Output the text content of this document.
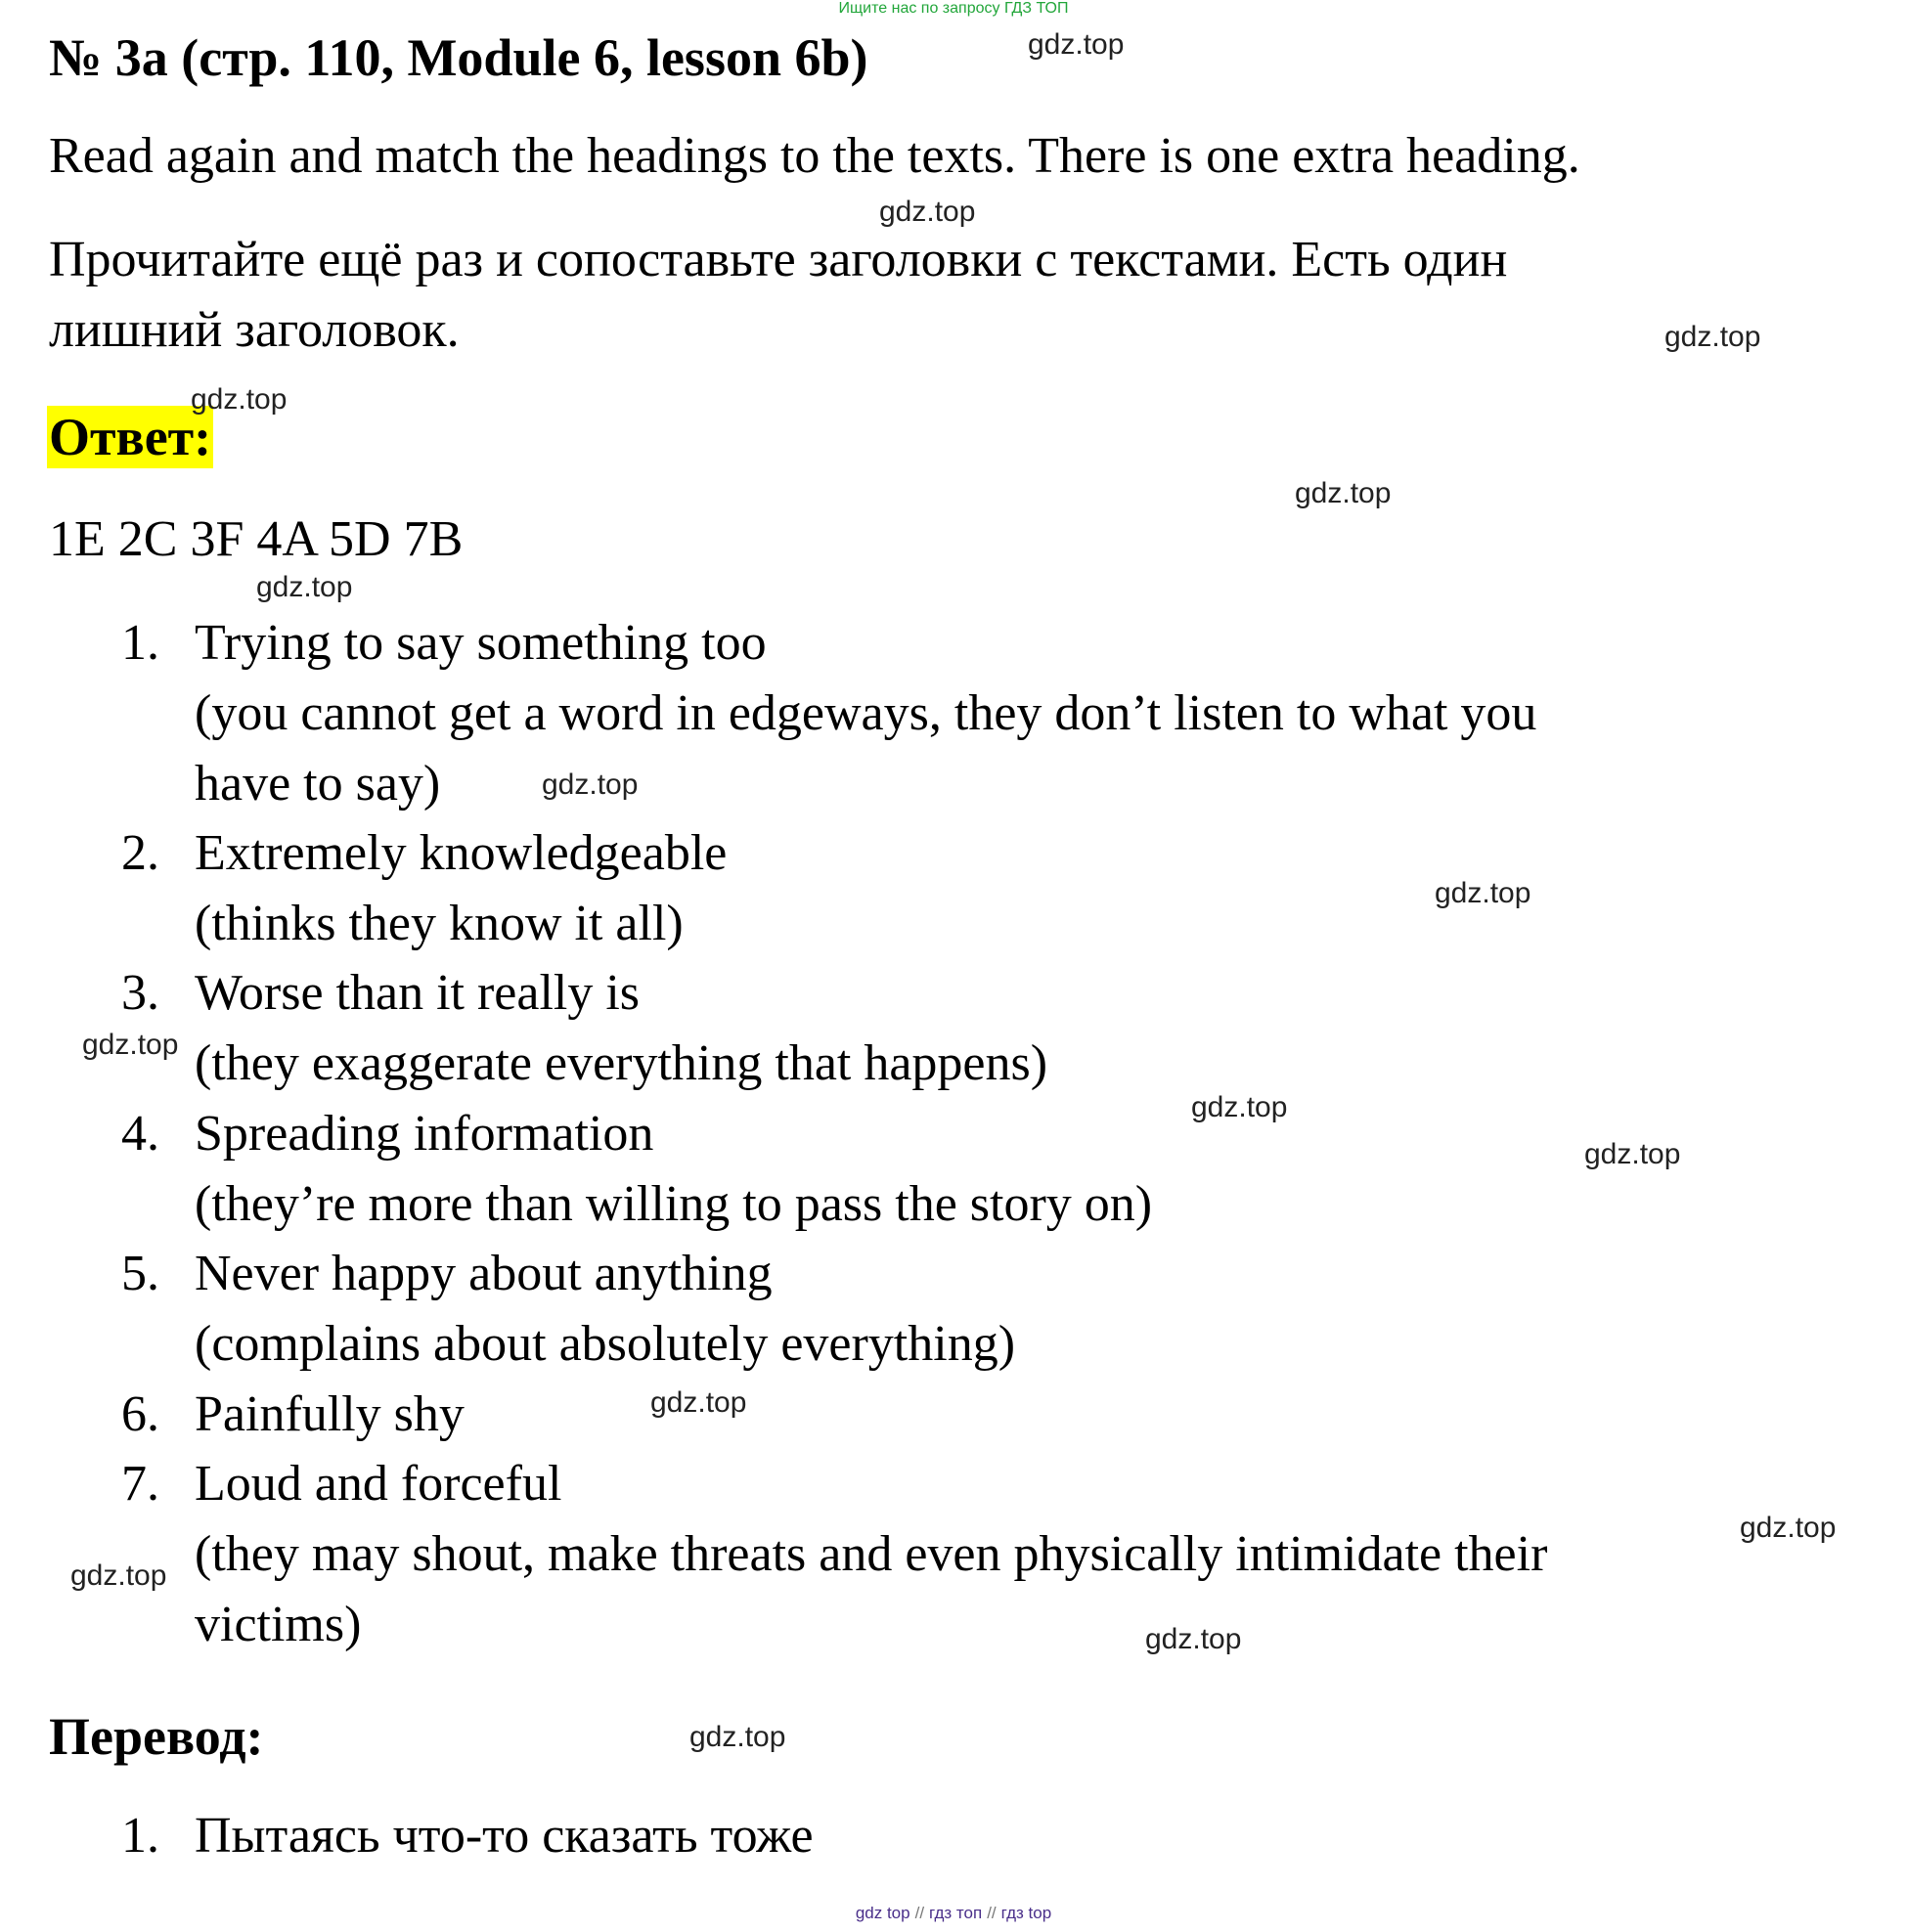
Ищите нас по запросу ГДЗ ТОП
№ 3a (стр. 110, Module 6, lesson 6b)

Read again and match the headings to the texts. There is one extra heading.

Прочитайте ещё раз и сопоставьте заголовки с текстами. Есть один

лишний заголовок.

Ответ:
1E 2C 3F 4A 5D 7B
1. Trying to say something too
(you cannot get a word in edgeways, they don’t listen to what you
have to say)
2. Extremely knowledgeable
(thinks they know it all)
3. Worse than it really is
(they exaggerate everything that happens)
4. Spreading information
(they’re more than willing to pass the story on)
5. Never happy about anything
(complains about absolutely everything)
6. Painfully shy
7. Loud and forceful
(they may shout, make threats and even physically intimidate their
victims)
Перевод:
1. Пытаясь что-то сказать тоже
gdz.top
gdz.top
gdz.top
gdz.top
gdz.top
gdz.top
gdz.top
gdz.top
gdz.top
gdz.top
gdz.top
gdz.top
gdz.top
gdz.top
gdz.top
gdz.top
gdz top // гдз топ // гдз top
